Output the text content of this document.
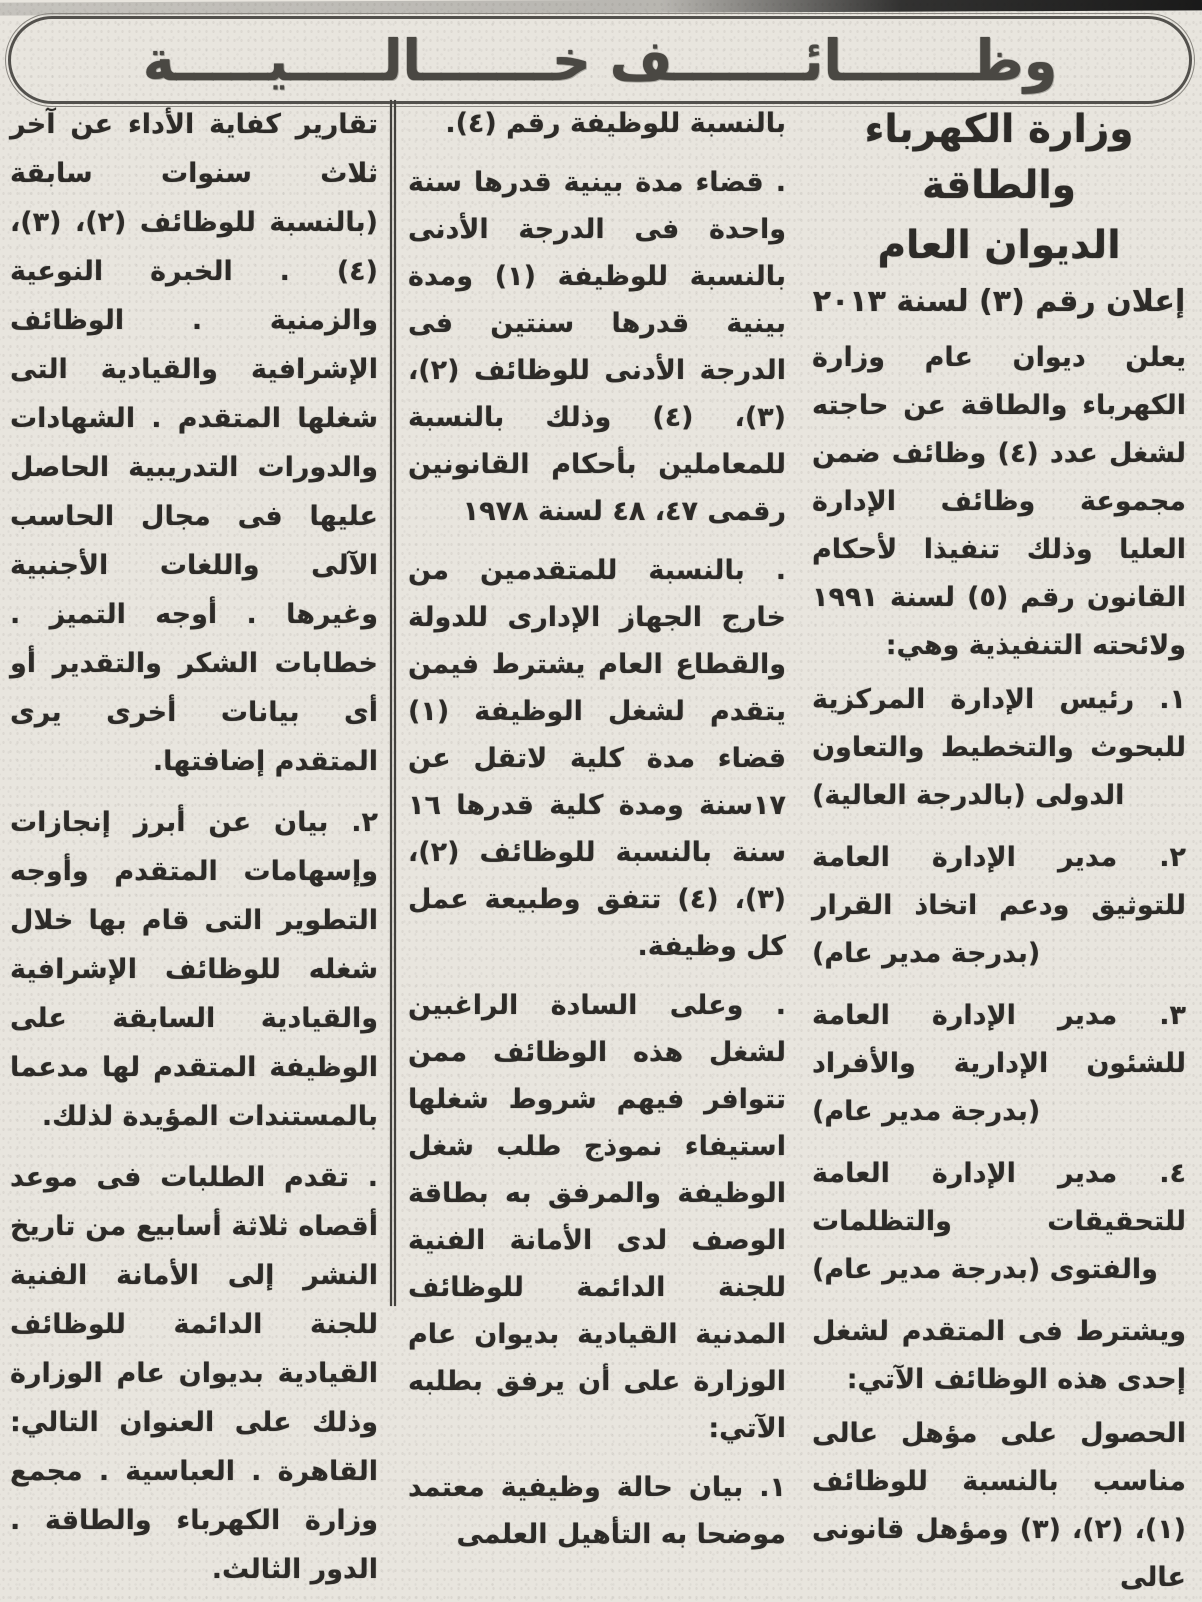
وظـــــــائـــــــف خـــــــالـــــيـــــة
وزارة الكهرباء والطاقة
الديوان العام
إعلان رقم (٣) لسنة ٢٠١٣

يعلن ديوان عام وزارة الكهرباء والطاقة عن حاجته لشغل عدد (٤) وظائف ضمن مجموعة وظائف الإدارة العليا وذلك تنفيذا لأحكام القانون رقم (٥) لسنة ١٩٩١ ولائحته التنفيذية وهي:

١. رئيس الإدارة المركزية للبحوث والتخطيط والتعاون الدولى (بالدرجة العالية)

٢. مدير الإدارة العامة للتوثيق ودعم اتخاذ القرار (بدرجة مدير عام)

٣. مدير الإدارة العامة للشئون الإدارية والأفراد (بدرجة مدير عام)

٤. مدير الإدارة العامة للتحقيقات والتظلمات والفتوى (بدرجة مدير عام)

ويشترط فى المتقدم لشغل إحدى هذه الوظائف الآتي:

الحصول على مؤهل عالى مناسب بالنسبة للوظائف (١)، (٢)، (٣) ومؤهل قانونى عالى

بالنسبة للوظيفة رقم (٤).

. قضاء مدة بينية قدرها سنة واحدة فى الدرجة الأدنى بالنسبة للوظيفة (١) ومدة بينية قدرها سنتين فى الدرجة الأدنى للوظائف (٢)، (٣)، (٤) وذلك بالنسبة للمعاملين بأحكام القانونين رقمى ٤٧، ٤٨ لسنة ١٩٧٨

. بالنسبة للمتقدمين من خارج الجهاز الإدارى للدولة والقطاع العام يشترط فيمن يتقدم لشغل الوظيفة (١) قضاء مدة كلية لاتقل عن ١٧سنة ومدة كلية قدرها ١٦ سنة بالنسبة للوظائف (٢)، (٣)، (٤) تتفق وطبيعة عمل كل وظيفة.

. وعلى السادة الراغبين لشغل هذه الوظائف ممن تتوافر فيهم شروط شغلها استيفاء نموذج طلب شغل الوظيفة والمرفق به بطاقة الوصف لدى الأمانة الفنية للجنة الدائمة للوظائف المدنية القيادية بديوان عام الوزارة على أن يرفق بطلبه الآتي:

١. بيان حالة وظيفية معتمد موضحا به التأهيل العلمى

تقارير كفاية الأداء عن آخر ثلاث سنوات سابقة (بالنسبة للوظائف (٢)، (٣)، (٤) . الخبرة النوعية والزمنية . الوظائف الإشرافية والقيادية التى شغلها المتقدم . الشهادات والدورات التدريبية الحاصل عليها فى مجال الحاسب الآلى واللغات الأجنبية وغيرها . أوجه التميز . خطابات الشكر والتقدير أو أى بيانات أخرى يرى المتقدم إضافتها.

٢. بيان عن أبرز إنجازات وإسهامات المتقدم وأوجه التطوير التى قام بها خلال شغله للوظائف الإشرافية والقيادية السابقة على الوظيفة المتقدم لها مدعما بالمستندات المؤيدة لذلك.

. تقدم الطلبات فى موعد أقصاه ثلاثة أسابيع من تاريخ النشر إلى الأمانة الفنية للجنة الدائمة للوظائف القيادية بديوان عام الوزارة وذلك على العنوان التالي: القاهرة . العباسية . مجمع وزارة الكهرباء والطاقة . الدور الثالث.
